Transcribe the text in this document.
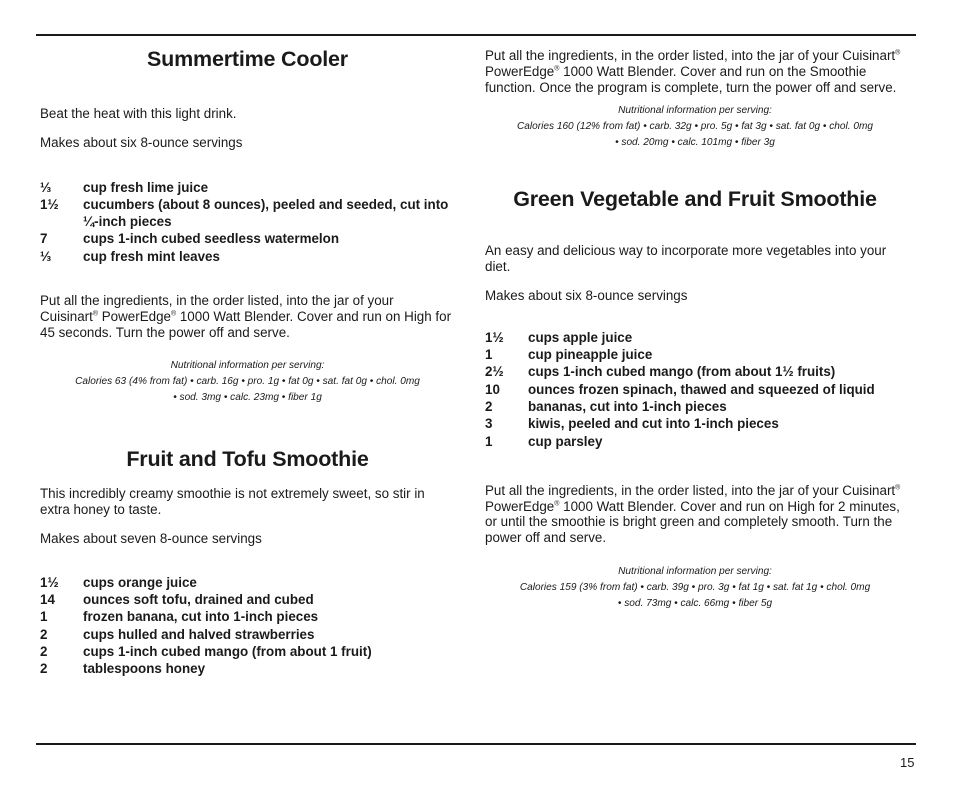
Summertime Cooler

Beat the heat with this light drink.

Makes about six 8-ounce servings

⅓	cup fresh lime juice
1½	cucumbers (about 8 ounces), peeled and seeded, cut into ¼-inch pieces
7	cups 1-inch cubed seedless watermelon
⅓	cup fresh mint leaves

Put all the ingredients, in the order listed, into the jar of your Cuisinart® PowerEdge® 1000 Watt Blender. Cover and run on High for 45 seconds. Turn the power off and serve.

Nutritional information per serving:
Calories 63 (4% from fat) • carb. 16g • pro. 1g • fat 0g • sat. fat 0g • chol. 0mg
• sod. 3mg • calc. 23mg • fiber 1g
Fruit and Tofu Smoothie

This incredibly creamy smoothie is not extremely sweet, so stir in extra honey to taste.

Makes about seven 8-ounce servings

1½	cups orange juice
14	ounces soft tofu, drained and cubed
1	frozen banana, cut into 1-inch pieces
2	cups hulled and halved strawberries
2	cups 1-inch cubed mango (from about 1 fruit)
2	tablespoons honey

Put all the ingredients, in the order listed, into the jar of your Cuisinart® PowerEdge® 1000 Watt Blender. Cover and run on the Smoothie function. Once the program is complete, turn the power off and serve.

Nutritional information per serving:
Calories 160 (12% from fat) • carb. 32g • pro. 5g • fat 3g • sat. fat 0g • chol. 0mg
• sod. 20mg • calc. 101mg • fiber 3g
Green Vegetable and Fruit Smoothie

An easy and delicious way to incorporate more vegetables into your diet.

Makes about six 8-ounce servings

1½	cups apple juice
1	cup pineapple juice
2½	cups 1-inch cubed mango (from about 1½ fruits)
10	ounces frozen spinach, thawed and squeezed of liquid
2	bananas, cut into 1-inch pieces
3	kiwis, peeled and cut into 1-inch pieces
1	cup parsley

Put all the ingredients, in the order listed, into the jar of your Cuisinart® PowerEdge® 1000 Watt Blender. Cover and run on High for 2 minutes, or until the smoothie is bright green and completely smooth. Turn the power off and serve.

Nutritional information per serving:
Calories 159 (3% from fat) • carb. 39g • pro. 3g • fat 1g • sat. fat 1g • chol. 0mg
• sod. 73mg • calc. 66mg • fiber 5g
15
